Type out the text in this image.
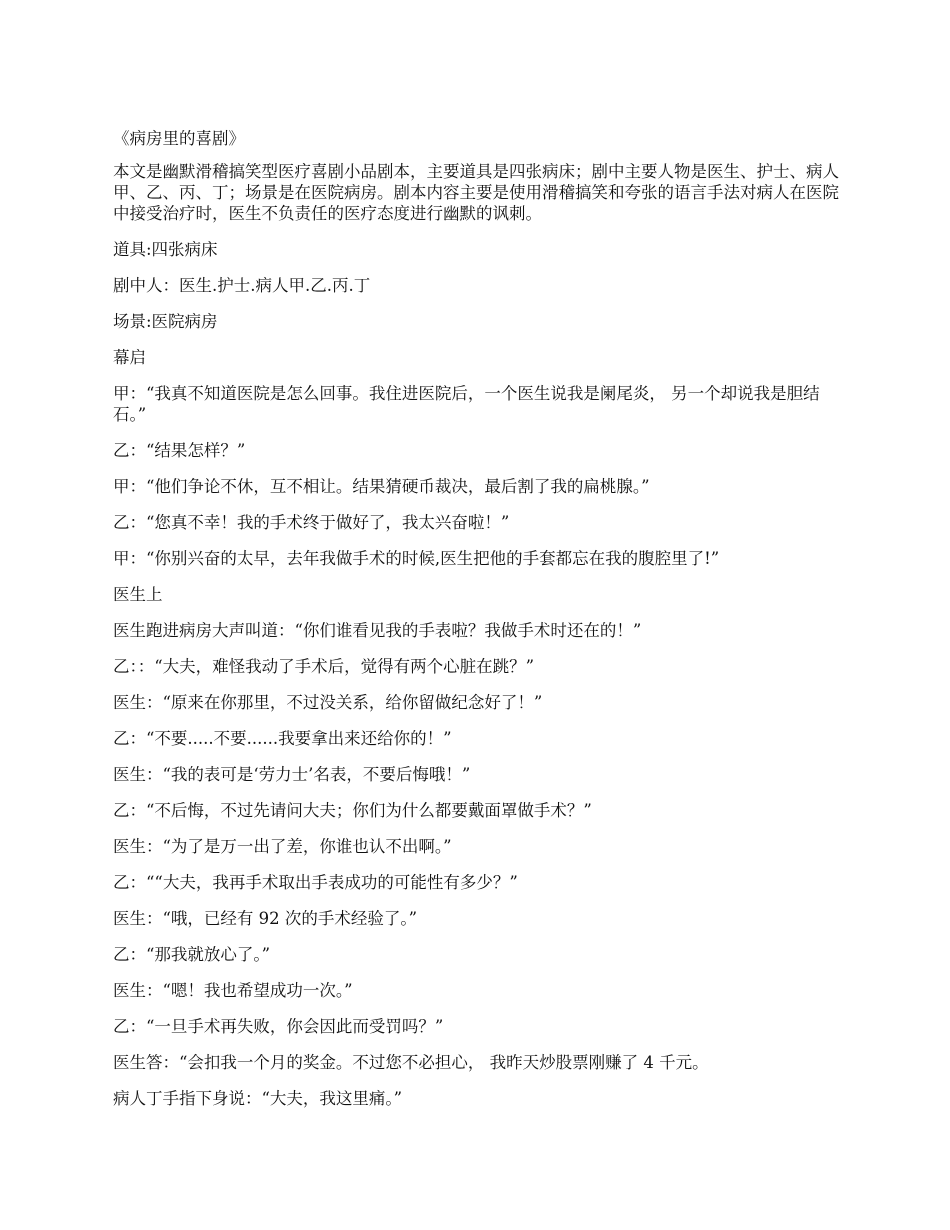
《病房里的喜剧》

本文是幽默滑稽搞笑型医疗喜剧小品剧本，主要道具是四张病床；剧中主要人物是医生、护士、病人甲、乙、丙、丁；场景是在医院病房。剧本内容主要是使用滑稽搞笑和夸张的语言手法对病人在医院中接受治疗时，医生不负责任的医疗态度进行幽默的讽刺。

道具:四张病床

剧中人：医生.护士.病人甲.乙.丙.丁

场景:医院病房

幕启

甲：“我真不知道医院是怎么回事。我住进医院后，一个医生说我是阑尾炎， 另一个却说我是胆结石。”

乙：“结果怎样？”

甲：“他们争论不休，互不相让。结果猜硬币裁决，最后割了我的扁桃腺。”

乙：“您真不幸！我的手术终于做好了，我太兴奋啦！”

甲：“你别兴奋的太早，去年我做手术的时候,医生把他的手套都忘在我的腹腔里了!”

医生上

医生跑进病房大声叫道：“你们谁看见我的手表啦？我做手术时还在的！”

乙：：“大夫，难怪我动了手术后，觉得有两个心脏在跳？”

医生：“原来在你那里，不过没关系，给你留做纪念好了！”

乙：“不要.....不要......我要拿出来还给你的！”

医生：“我的表可是‘劳力士’名表，不要后悔哦！”

乙：“不后悔，不过先请问大夫；你们为什么都要戴面罩做手术？”

医生：“为了是万一出了差，你谁也认不出啊。”

乙：““大夫，我再手术取出手表成功的可能性有多少？”

医生：“哦，已经有 92 次的手术经验了。”

乙：“那我就放心了。”

医生：“嗯！我也希望成功一次。”

乙：“一旦手术再失败，你会因此而受罚吗？”

医生答：“会扣我一个月的奖金。不过您不必担心， 我昨天炒股票刚赚了 4 千元。

病人丁手指下身说：“大夫，我这里痛。”
